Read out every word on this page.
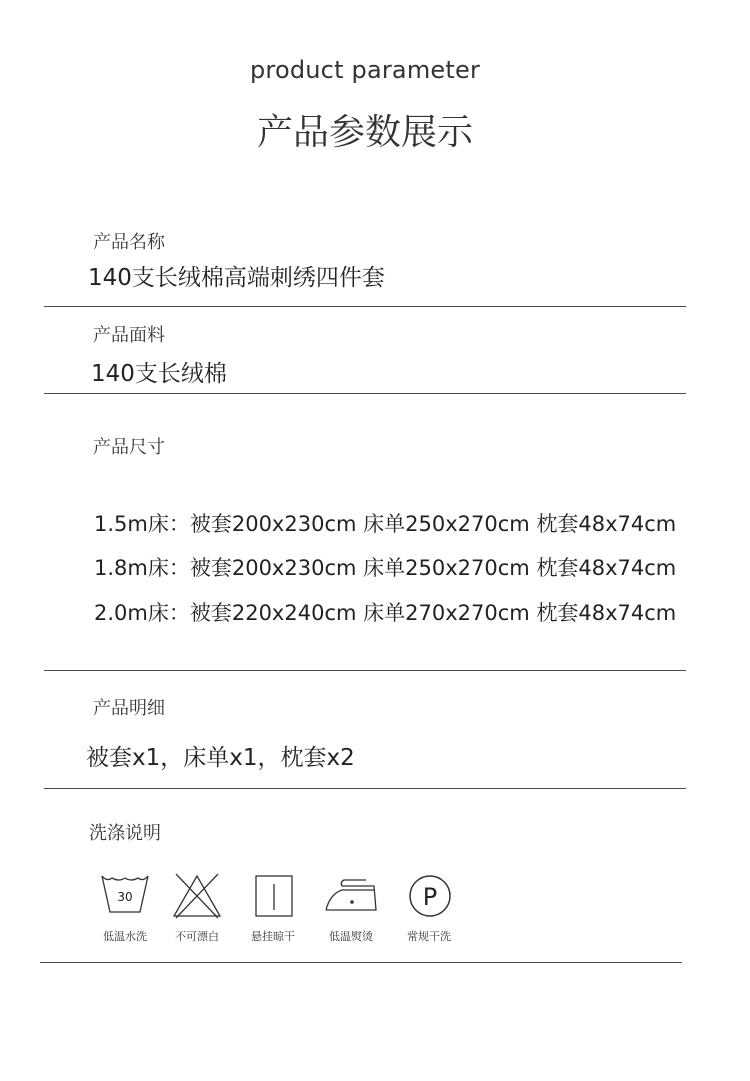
product parameter
产品参数展示
产品名称
140支长绒棉高端刺绣四件套
产品面料
140支长绒棉
产品尺寸
1.5m床：被套200x230cm 床单250x270cm 枕套48x74cm
1.8m床：被套200x230cm 床单250x270cm 枕套48x74cm
2.0m床：被套220x240cm 床单270x270cm 枕套48x74cm
产品明细
被套x1，床单x1，枕套x2
洗涤说明
30
低温水洗	不可漂白	悬挂晾干	低温熨烫
P
常规干洗
